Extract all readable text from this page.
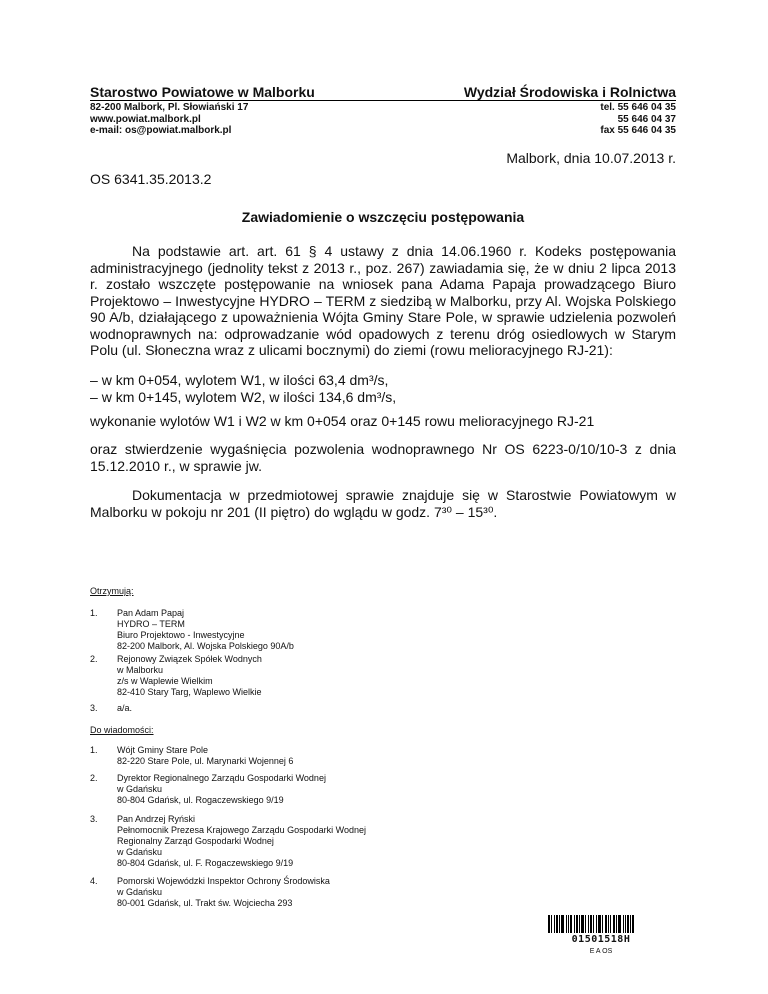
Starostwo Powiatowe w Malborku	Wydział Środowiska i Rolnictwa
82-200 Malbork, Pl. Słowiański 17
www.powiat.malbork.pl
e-mail: os@powiat.malbork.pl
tel. 55 646 04 35
55 646 04 37
fax 55 646 04 35
Malbork, dnia 10.07.2013 r.
OS 6341.35.2013.2
Zawiadomienie o wszczęciu postępowania
Na podstawie art. art. 61 § 4 ustawy z dnia 14.06.1960 r. Kodeks postępowania administracyjnego (jednolity tekst z 2013 r., poz. 267) zawiadamia się, że w dniu 2 lipca 2013 r. zostało wszczęte postępowanie na wniosek pana Adama Papaja prowadzącego Biuro Projektowo – Inwestycyjne HYDRO – TERM z siedzibą w Malborku, przy Al. Wojska Polskiego 90 A/b, działającego z upoważnienia Wójta Gminy Stare Pole, w sprawie udzielenia pozwoleń wodnoprawnych na: odprowadzanie wód opadowych z terenu dróg osiedlowych w Starym Polu (ul. Słoneczna wraz z ulicami bocznymi) do ziemi (rowu melioracyjnego RJ-21):
– w km 0+054, wylotem W1, w ilości 63,4 dm³/s,
– w km 0+145, wylotem W2, w ilości 134,6 dm³/s,
wykonanie wylotów W1 i W2 w km 0+054 oraz 0+145 rowu melioracyjnego RJ-21
oraz stwierdzenie wygaśnięcia pozwolenia wodnoprawnego Nr OS 6223-0/10/10-3 z dnia 15.12.2010 r., w sprawie jw.
Dokumentacja w przedmiotowej sprawie znajduje się w Starostwie Powiatowym w Malborku w pokoju nr 201 (II piętro) do wglądu w godz. 7³⁰ – 15³⁰.
Otrzymują:
1. Pan Adam Papaj
HYDRO – TERM
Biuro Projektowo - Inwestycyjne
82-200 Malbork, Al. Wojska Polskiego 90A/b
2. Rejonowy Związek Spółek Wodnych
w Malborku
z/s w Waplewie Wielkim
82-410 Stary Targ, Waplewo Wielkie
3. a/a.
Do wiadomości:
1. Wójt Gminy Stare Pole
82-220 Stare Pole, ul. Marynarki Wojennej 6
2. Dyrektor Regionalnego Zarządu Gospodarki Wodnej
w Gdańsku
80-804 Gdańsk, ul. Rogaczewskiego 9/19
3. Pan Andrzej Ryński
Pełnomocnik Prezesa Krajowego Zarządu Gospodarki Wodnej
Regionalny Zarząd Gospodarki Wodnej
w Gdańsku
80-804 Gdańsk, ul. F. Rogaczewskiego 9/19
4. Pomorski Wojewódzki Inspektor Ochrony Środowiska
w Gdańsku
80-001 Gdańsk, ul. Trakt św. Wojciecha 293
01501518H
E A OS
